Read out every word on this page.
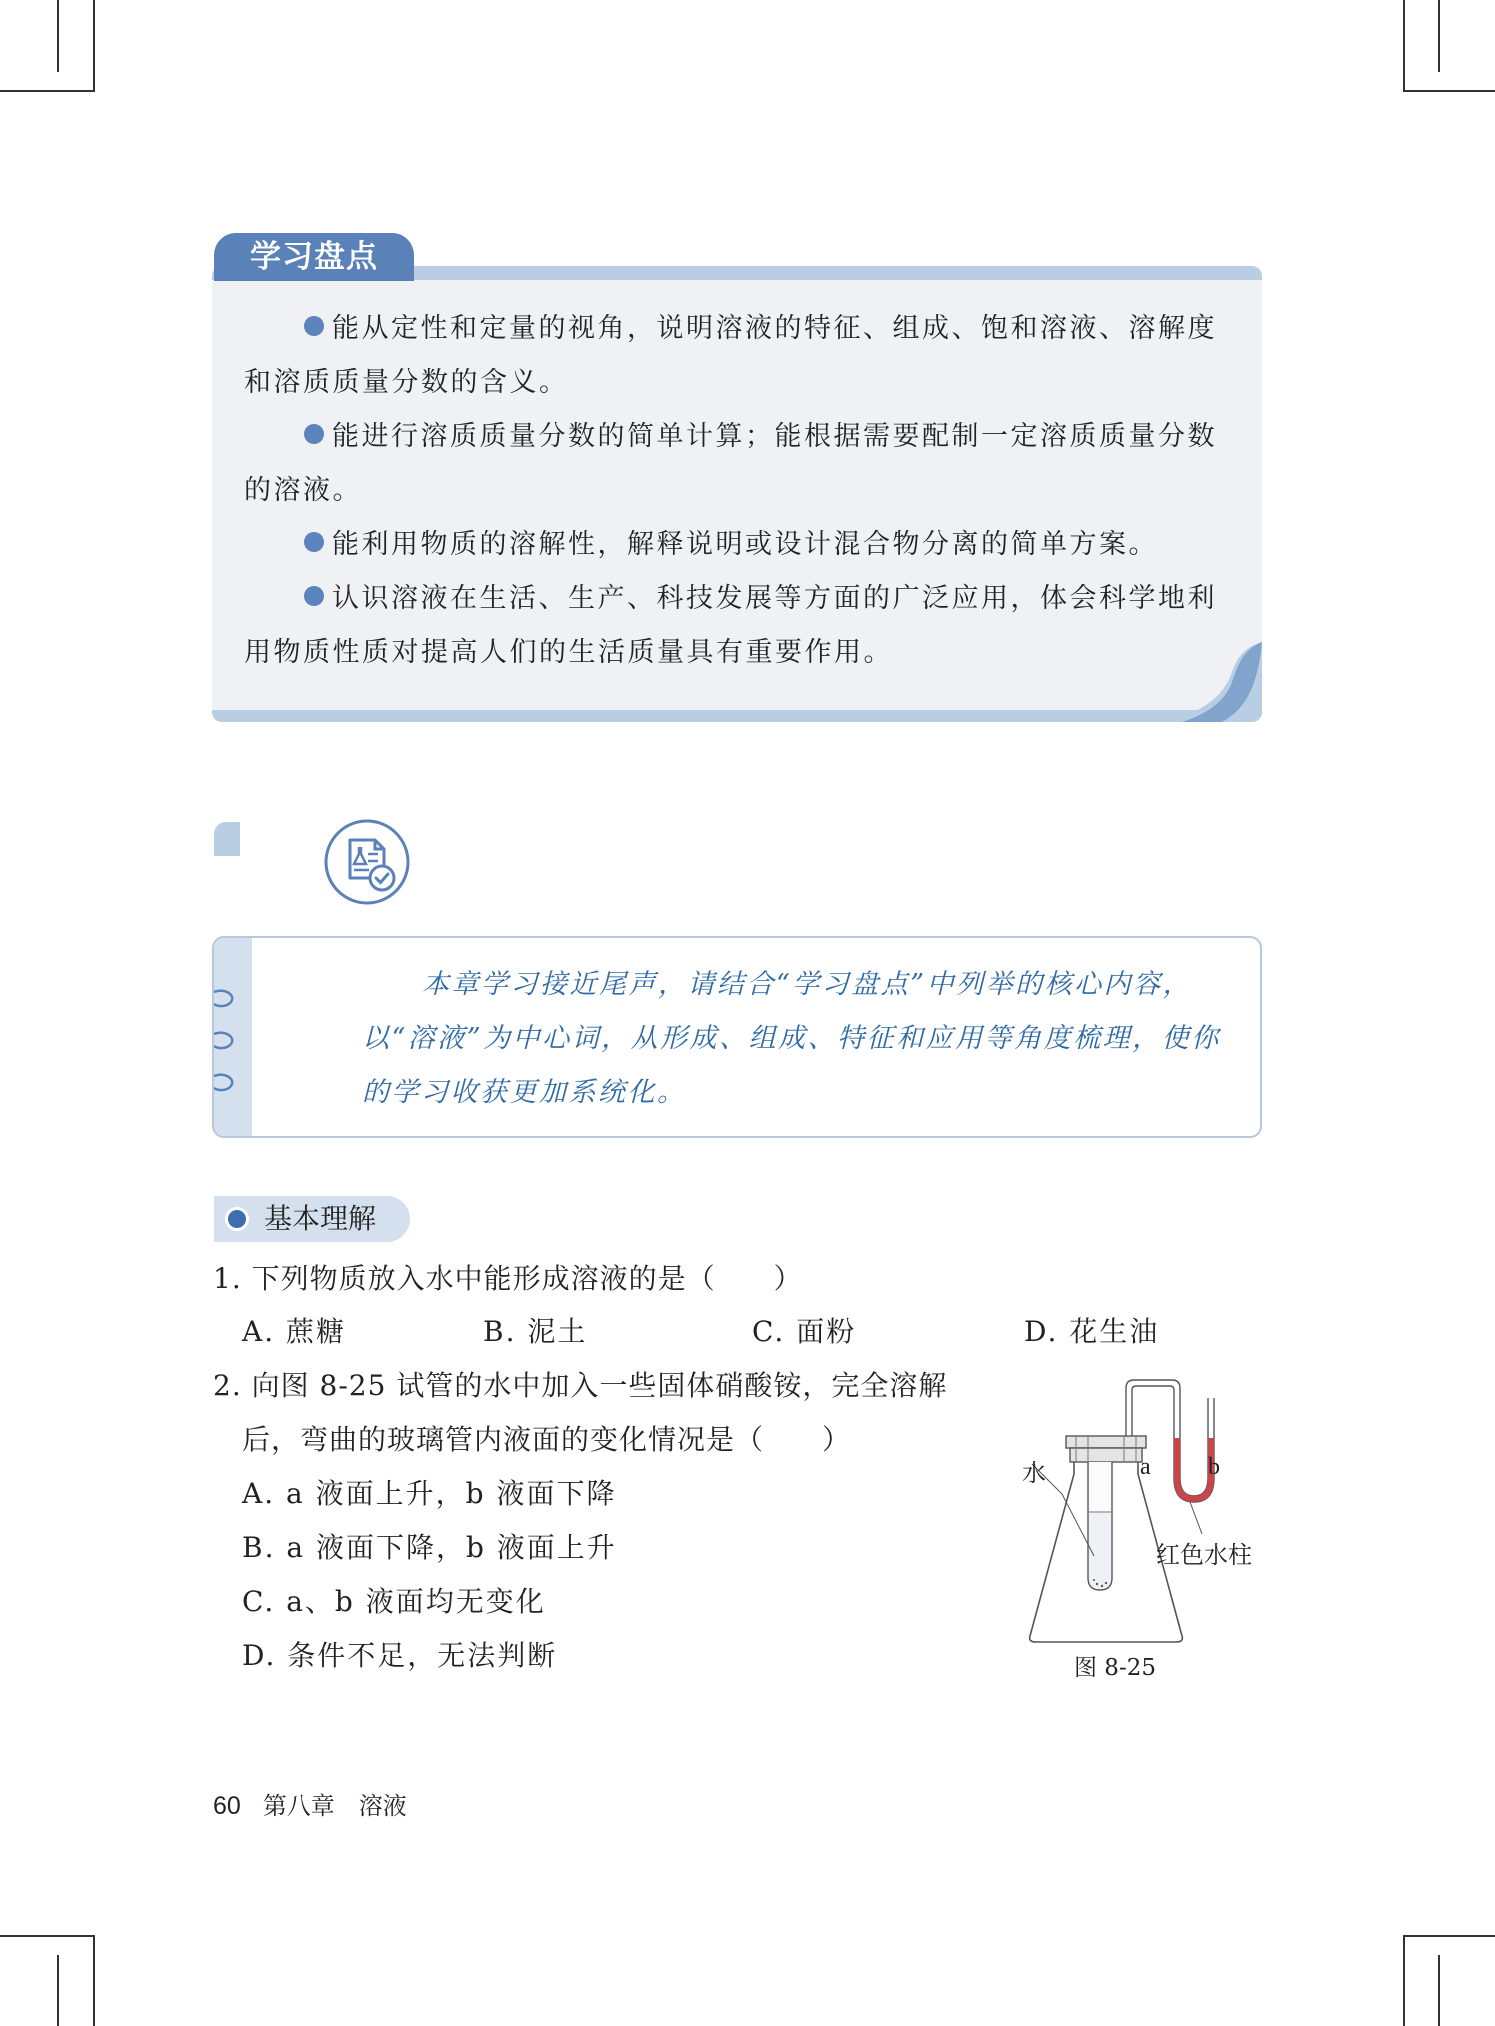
能从定性和定量的视角，说明溶液的特征、组成、饱和溶液、溶解度和溶质质量分数的含义。

能进行溶质质量分数的简单计算；能根据需要配制一定溶质质量分数的溶液。

能利用物质的溶解性，解释说明或设计混合物分离的简单方案。

认识溶液在生活、生产、科技发展等方面的广泛应用，体会科学地利用物质性质对提高人们的生活质量具有重要作用。

学习盘点

本章学习接近尾声，请结合“学习盘点”中列举的核心内容，以“溶液”为中心词，从形成、组成、特征和应用等角度梳理，使你的学习收获更加系统化。

基本理解
1. 下列物质放入水中能形成溶液的是（　　）
A. 蔗糖	B. 泥土	C. 面粉	D. 花生油
2. 向图 8-25 试管的水中加入一些固体硝酸铵，完全溶解
后，弯曲的玻璃管内液面的变化情况是（　　）
A. a 液面上升，b 液面下降
B. a 液面下降，b 液面上升
C. a、b 液面均无变化
D. 条件不足，无法判断
水	a b
红色水柱
图 8-25
60 第八章　溶液
